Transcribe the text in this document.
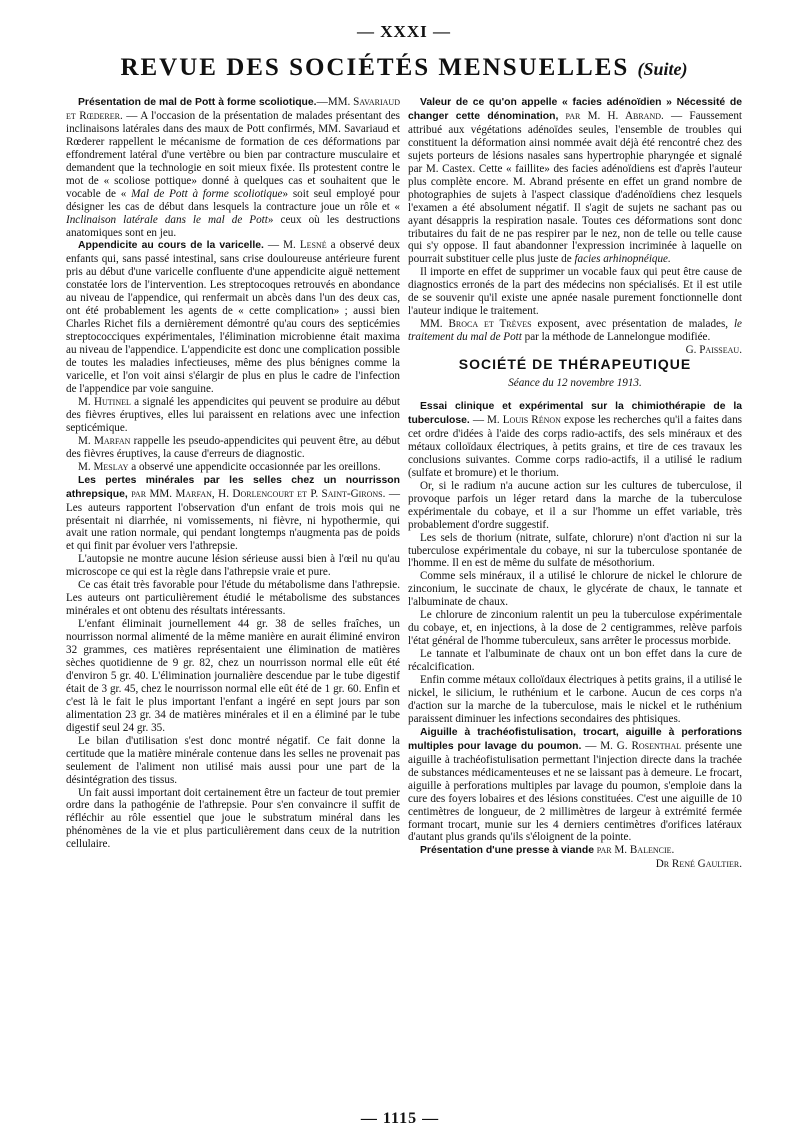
— XXXI —
REVUE DES SOCIÉTÉS MENSUELLES (Suite)

Présentation de mal de Pott à forme scoliotique.—MM. Savariaud et Rœderer. — A l'occasion de la présentation de malades présentant des inclinaisons latérales dans des maux de Pott confirmés, MM. Savariaud et Rœderer rappellent le mécanisme de formation de ces déformations par effondrement latéral d'une vertèbre ou bien par contracture musculaire et demandent que la technologie en soit mieux fixée. Ils protestent contre le mot de « scoliose pottique» donné à quelques cas et souhaitent que le vocable de « Mal de Pott à forme scoliotique» soit seul employé pour désigner les cas de début dans lesquels la contracture joue un rôle et « Inclinaison latérale dans le mal de Pott» ceux où les destructions anatomiques sont en jeu.

Appendicite au cours de la varicelle. — M. Lesné a observé deux enfants qui, sans passé intestinal, sans crise douloureuse antérieure furent pris au début d'une varicelle confluente d'une appendicite aiguë nettement constatée lors de l'intervention. Les streptocoques retrouvés en abondance au niveau de l'appendice, qui renfermait un abcès dans l'un des deux cas, ont été probablement les agents de « cette complication» ; aussi bien Charles Richet fils a dernièrement démontré qu'au cours des septicémies streptococciques expérimentales, l'élimination microbienne était maxima au niveau de l'appendice. L'appendicite est donc une complication possible de toutes les maladies infectieuses, même des plus bénignes comme la varicelle, et l'on voit ainsi s'élargir de plus en plus le cadre de l'infection de l'appendice par voie sanguine.

M. Hutinel a signalé les appendicites qui peuvent se produire au début des fièvres éruptives, elles lui paraissent en relations avec une infection septicémique.

M. Marfan rappelle les pseudo-appendicites qui peuvent être, au début des fièvres éruptives, la cause d'erreurs de diagnostic.

M. Meslay a observé une appendicite occasionnée par les oreillons.

Les pertes minérales par les selles chez un nourrisson athrepsique, par MM. Marfan, H. Dorlencourt et P. Saint-Girons. — Les auteurs rapportent l'observation d'un enfant de trois mois qui ne présentait ni diarrhée, ni vomissements, ni fièvre, ni hypothermie, qui avait une ration normale, qui pendant longtemps n'augmenta pas de poids et qui finit par évoluer vers l'athrepsie.

L'autopsie ne montre aucune lésion sérieuse aussi bien à l'œil nu qu'au microscope ce qui est la règle dans l'athrepsie vraie et pure.

Ce cas était très favorable pour l'étude du métabolisme dans l'athrepsie. Les auteurs ont particulièrement étudié le métabolisme des substances minérales et ont obtenu des résultats intéressants.

L'enfant éliminait journellement 44 gr. 38 de selles fraîches, un nourrisson normal alimenté de la même manière en aurait éliminé environ 32 grammes, ces matières représentaient une élimination de matières sèches quotidienne de 9 gr. 82, chez un nourrisson normal elle eût été d'environ 5 gr. 40. L'élimination journalière descendue par le tube digestif était de 3 gr. 45, chez le nourrisson normal elle eût été de 1 gr. 60. Enfin et c'est là le fait le plus important l'enfant a ingéré en sept jours par son alimentation 23 gr. 34 de matières minérales et il en a éliminé par le tube digestif seul 24 gr. 35.

Le bilan d'utilisation s'est donc montré négatif. Ce fait donne la certitude que la matière minérale contenue dans les selles ne provenait pas seulement de l'aliment non utilisé mais aussi pour une part de la désintégration des tissus.

Un fait aussi important doit certainement être un facteur de tout premier ordre dans la pathogénie de l'athrepsie. Pour s'en convaincre il suffit de réfléchir au rôle essentiel que joue le substratum minéral dans les phénomènes de la vie et plus particulièrement dans ceux de la nutrition cellulaire.

Valeur de ce qu'on appelle « facies adénoïdien » Nécessité de changer cette dénomination, par M. H. Abrand. — Faussement attribué aux végétations adénoïdes seules, l'ensemble de troubles qui constituent la déformation ainsi nommée avait déjà été rencontré chez des sujets porteurs de lésions nasales sans hypertrophie pharyngée et signalé par M. Castex. Cette « faillite» des facies adénoïdiens est d'après l'auteur plus complète encore. M. Abrand présente en effet un grand nombre de photographies de sujets à l'aspect classique d'adénoïdiens chez lesquels l'examen a été absolument négatif. Il s'agit de sujets ne sachant pas ou ayant désappris la respiration nasale. Toutes ces déformations sont donc tributaires du fait de ne pas respirer par le nez, non de telle ou telle cause qui s'y oppose. Il faut abandonner l'expression incriminée à laquelle on pourrait substituer celle plus juste de facies arhinopnéique.

Il importe en effet de supprimer un vocable faux qui peut être cause de diagnostics erronés de la part des médecins non spécialisés. Et il est utile de se souvenir qu'il existe une apnée nasale purement fonctionnelle dont l'auteur indique le traitement.

MM. Broca et Trèves exposent, avec présentation de malades, le traitement du mal de Pott par la méthode de Lannelongue modifiée.
G. Paisseau.

SOCIÉTÉ DE THÉRAPEUTIQUE
Séance du 12 novembre 1913.

Essai clinique et expérimental sur la chimiothérapie de la tuberculose. — M. Louis Rénon expose les recherches qu'il a faites dans cet ordre d'idées à l'aide des corps radio-actifs, des sels minéraux et des métaux colloïdaux électriques, à petits grains, et tire de ces travaux les conclusions suivantes. Comme corps radio-actifs, il a utilisé le radium (sulfate et bromure) et le thorium.

Or, si le radium n'a aucune action sur les cultures de tuberculose, il provoque parfois un léger retard dans la marche de la tuberculose expérimentale du cobaye, et il a sur l'homme un effet variable, très probablement d'ordre suggestif.

Les sels de thorium (nitrate, sulfate, chlorure) n'ont d'action ni sur la tuberculose expérimentale du cobaye, ni sur la tuberculose spontanée de l'homme. Il en est de même du sulfate de mésothorium.

Comme sels minéraux, il a utilisé le chlorure de nickel le chlorure de zinconium, le succinate de chaux, le glycérate de chaux, le tannate et l'albuminate de chaux.

Le chlorure de zinconium ralentit un peu la tuberculose expérimentale du cobaye, et, en injections, à la dose de 2 centigrammes, relève parfois l'état général de l'homme tuberculeux, sans arrêter le processus morbide.

Le tannate et l'albuminate de chaux ont un bon effet dans la cure de récalcification.

Enfin comme métaux colloïdaux électriques à petits grains, il a utilisé le nickel, le silicium, le ruthénium et le carbone. Aucun de ces corps n'a d'action sur la marche de la tuberculose, mais le nickel et le ruthénium paraissent diminuer les infections secondaires des phtisiques.

Aiguille à trachéofistulisation, trocart, aiguille à perforations multiples pour lavage du poumon. — M. G. Rosenthal présente une aiguille à trachéofistulisation permettant l'injection directe dans la trachée de substances médicamenteuses et ne se laissant pas à demeure. Le frocart, aiguille à perforations multiples par lavage du poumon, s'emploie dans la cure des foyers lobaires et des lésions constituées. C'est une aiguille de 10 centimètres de longueur, de 2 millimètres de largeur à extrémité fermée formant trocart, munie sur les 4 derniers centimètres d'orifices latéraux d'autant plus grands qu'ils s'éloignent de la pointe.

Présentation d'une presse à viande par M. Balencie.
Dr René Gaultier.

— 1115 —
